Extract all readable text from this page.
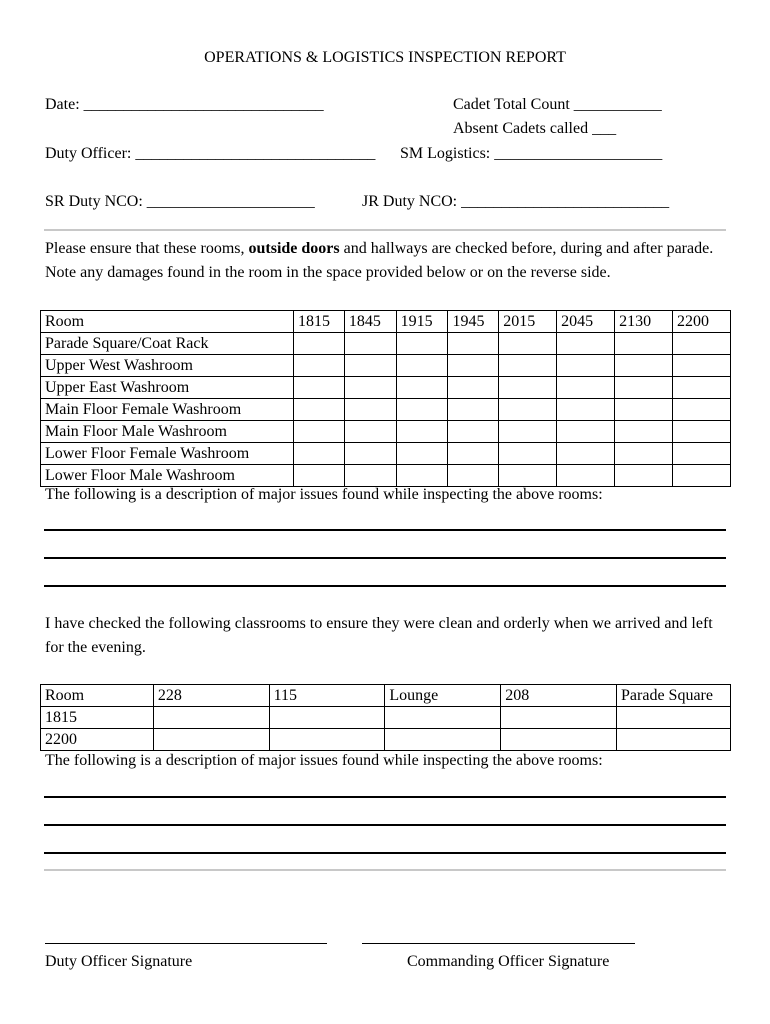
OPERATIONS & LOGISTICS INSPECTION REPORT
Date: ______________________________	Cadet Total Count ___________
Absent Cadets called ___
Duty Officer: ______________________________ SM Logistics: _____________________
SR Duty NCO: _____________________	JR Duty NCO: __________________________
Please ensure that these rooms, outside doors and hallways are checked before, during and after parade. Note any damages found in the room in the space provided below or on the reverse side.
Room	1815	1845	1915	1945	2015	2045	2130	2200
Parade Square/Coat Rack								
Upper West Washroom								
Upper East Washroom								
Main Floor Female Washroom								
Main Floor Male Washroom								
Lower Floor Female Washroom								
Lower Floor Male Washroom								
The following is a description of major issues found while inspecting the above rooms:
I have checked the following classrooms to ensure they were clean and orderly when we arrived and left for the evening.
Room	228	115	Lounge	208	Parade Square
1815					
2200					
The following is a description of major issues found while inspecting the above rooms:
Duty Officer Signature	Commanding Officer Signature
